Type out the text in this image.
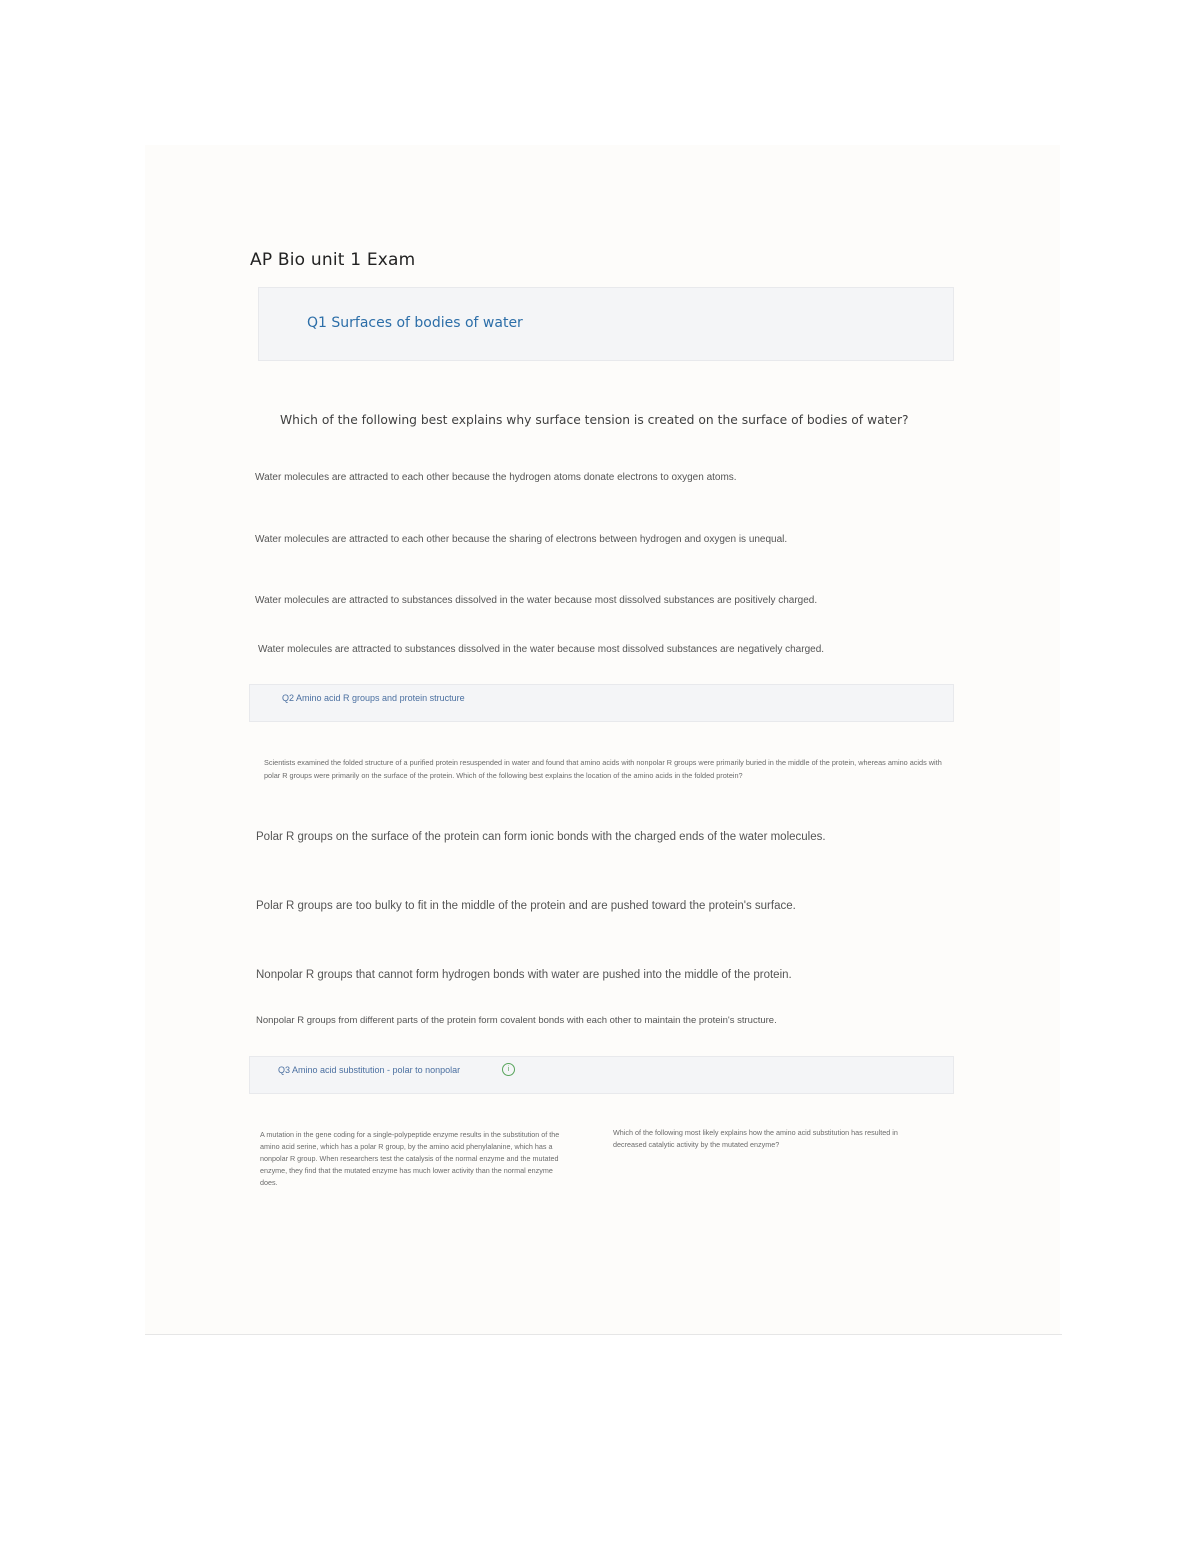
AP Bio unit 1 Exam
Q1 Surfaces of bodies of water
Which of the following best explains why surface tension is created on the surface of bodies of water?
Water molecules are attracted to each other because the hydrogen atoms donate electrons to oxygen atoms.
Water molecules are attracted to each other because the sharing of electrons between hydrogen and oxygen is unequal.
Water molecules are attracted to substances dissolved in the water because most dissolved substances are positively charged.
Water molecules are attracted to substances dissolved in the water because most dissolved substances are negatively charged.
Q2 Amino acid R groups and protein structure
Scientists examined the folded structure of a purified protein resuspended in water and found that amino acids with nonpolar R groups were primarily buried in the middle of the protein, whereas amino acids with polar R groups were primarily on the surface of the protein. Which of the following best explains the location of the amino acids in the folded protein?
Polar R groups on the surface of the protein can form ionic bonds with the charged ends of the water molecules.
Polar R groups are too bulky to fit in the middle of the protein and are pushed toward the protein's surface.
Nonpolar R groups that cannot form hydrogen bonds with water are pushed into the middle of the protein.
Nonpolar R groups from different parts of the protein form covalent bonds with each other to maintain the protein's structure.
Q3 Amino acid substitution - polar to nonpolar	i
A mutation in the gene coding for a single-polypeptide enzyme results in the substitution of the amino acid serine, which has a polar R group, by the amino acid phenylalanine, which has a nonpolar R group. When researchers test the catalysis of the normal enzyme and the mutated enzyme, they find that the mutated enzyme has much lower activity than the normal enzyme does.
Which of the following most likely explains how the amino acid substitution has resulted in decreased catalytic activity by the mutated enzyme?
